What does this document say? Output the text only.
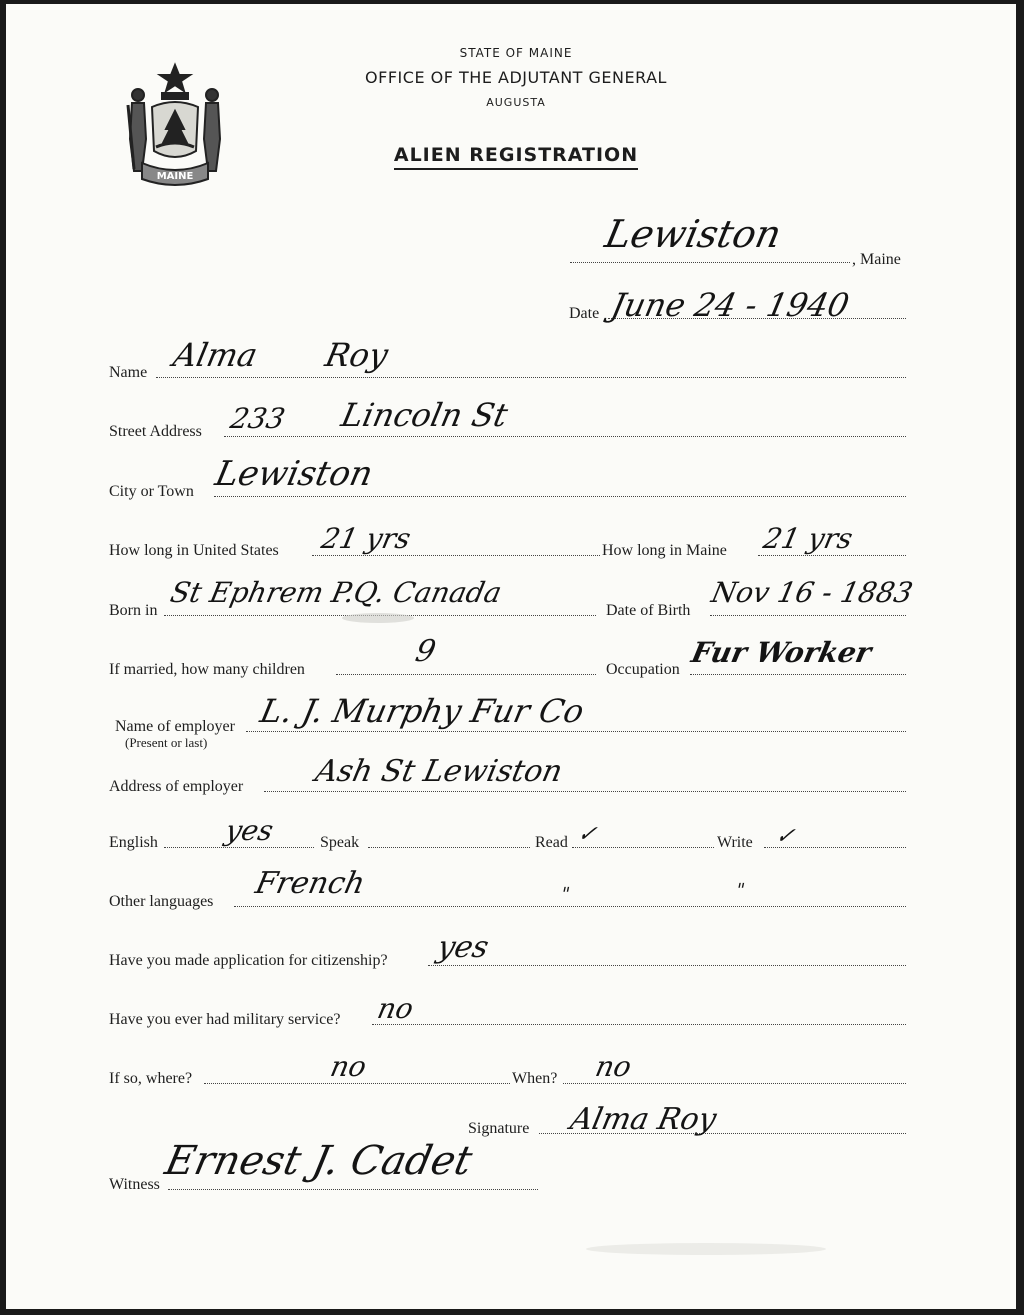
MAINE
STATE OF MAINE
OFFICE OF THE ADJUTANT GENERAL
AUGUSTA
ALIEN REGISTRATION
Lewiston
, Maine
Date June 24 - 1940
Name Alma Roy
Street Address 233 Lincoln St
City or Town Lewiston
How long in United States 21 yrs	How long in Maine 21 yrs
Born in
St Ephrem P.Q. Canada
Date of Birth
Nov 16 - 1883
If married, how many children
9
Occupation
Fur Worker
Name of employer
(Present or last)
L. J. Murphy Fur Co
Address of employer Ash St Lewiston
English yes	Speak	Read ✓	Write ✓
Other languages
French	"	"
Have you made application for citizenship? yes
Have you ever had military service? no
If so, where?	no	When? no
Signature Alma Roy
Witness
Ernest J. Cadet
